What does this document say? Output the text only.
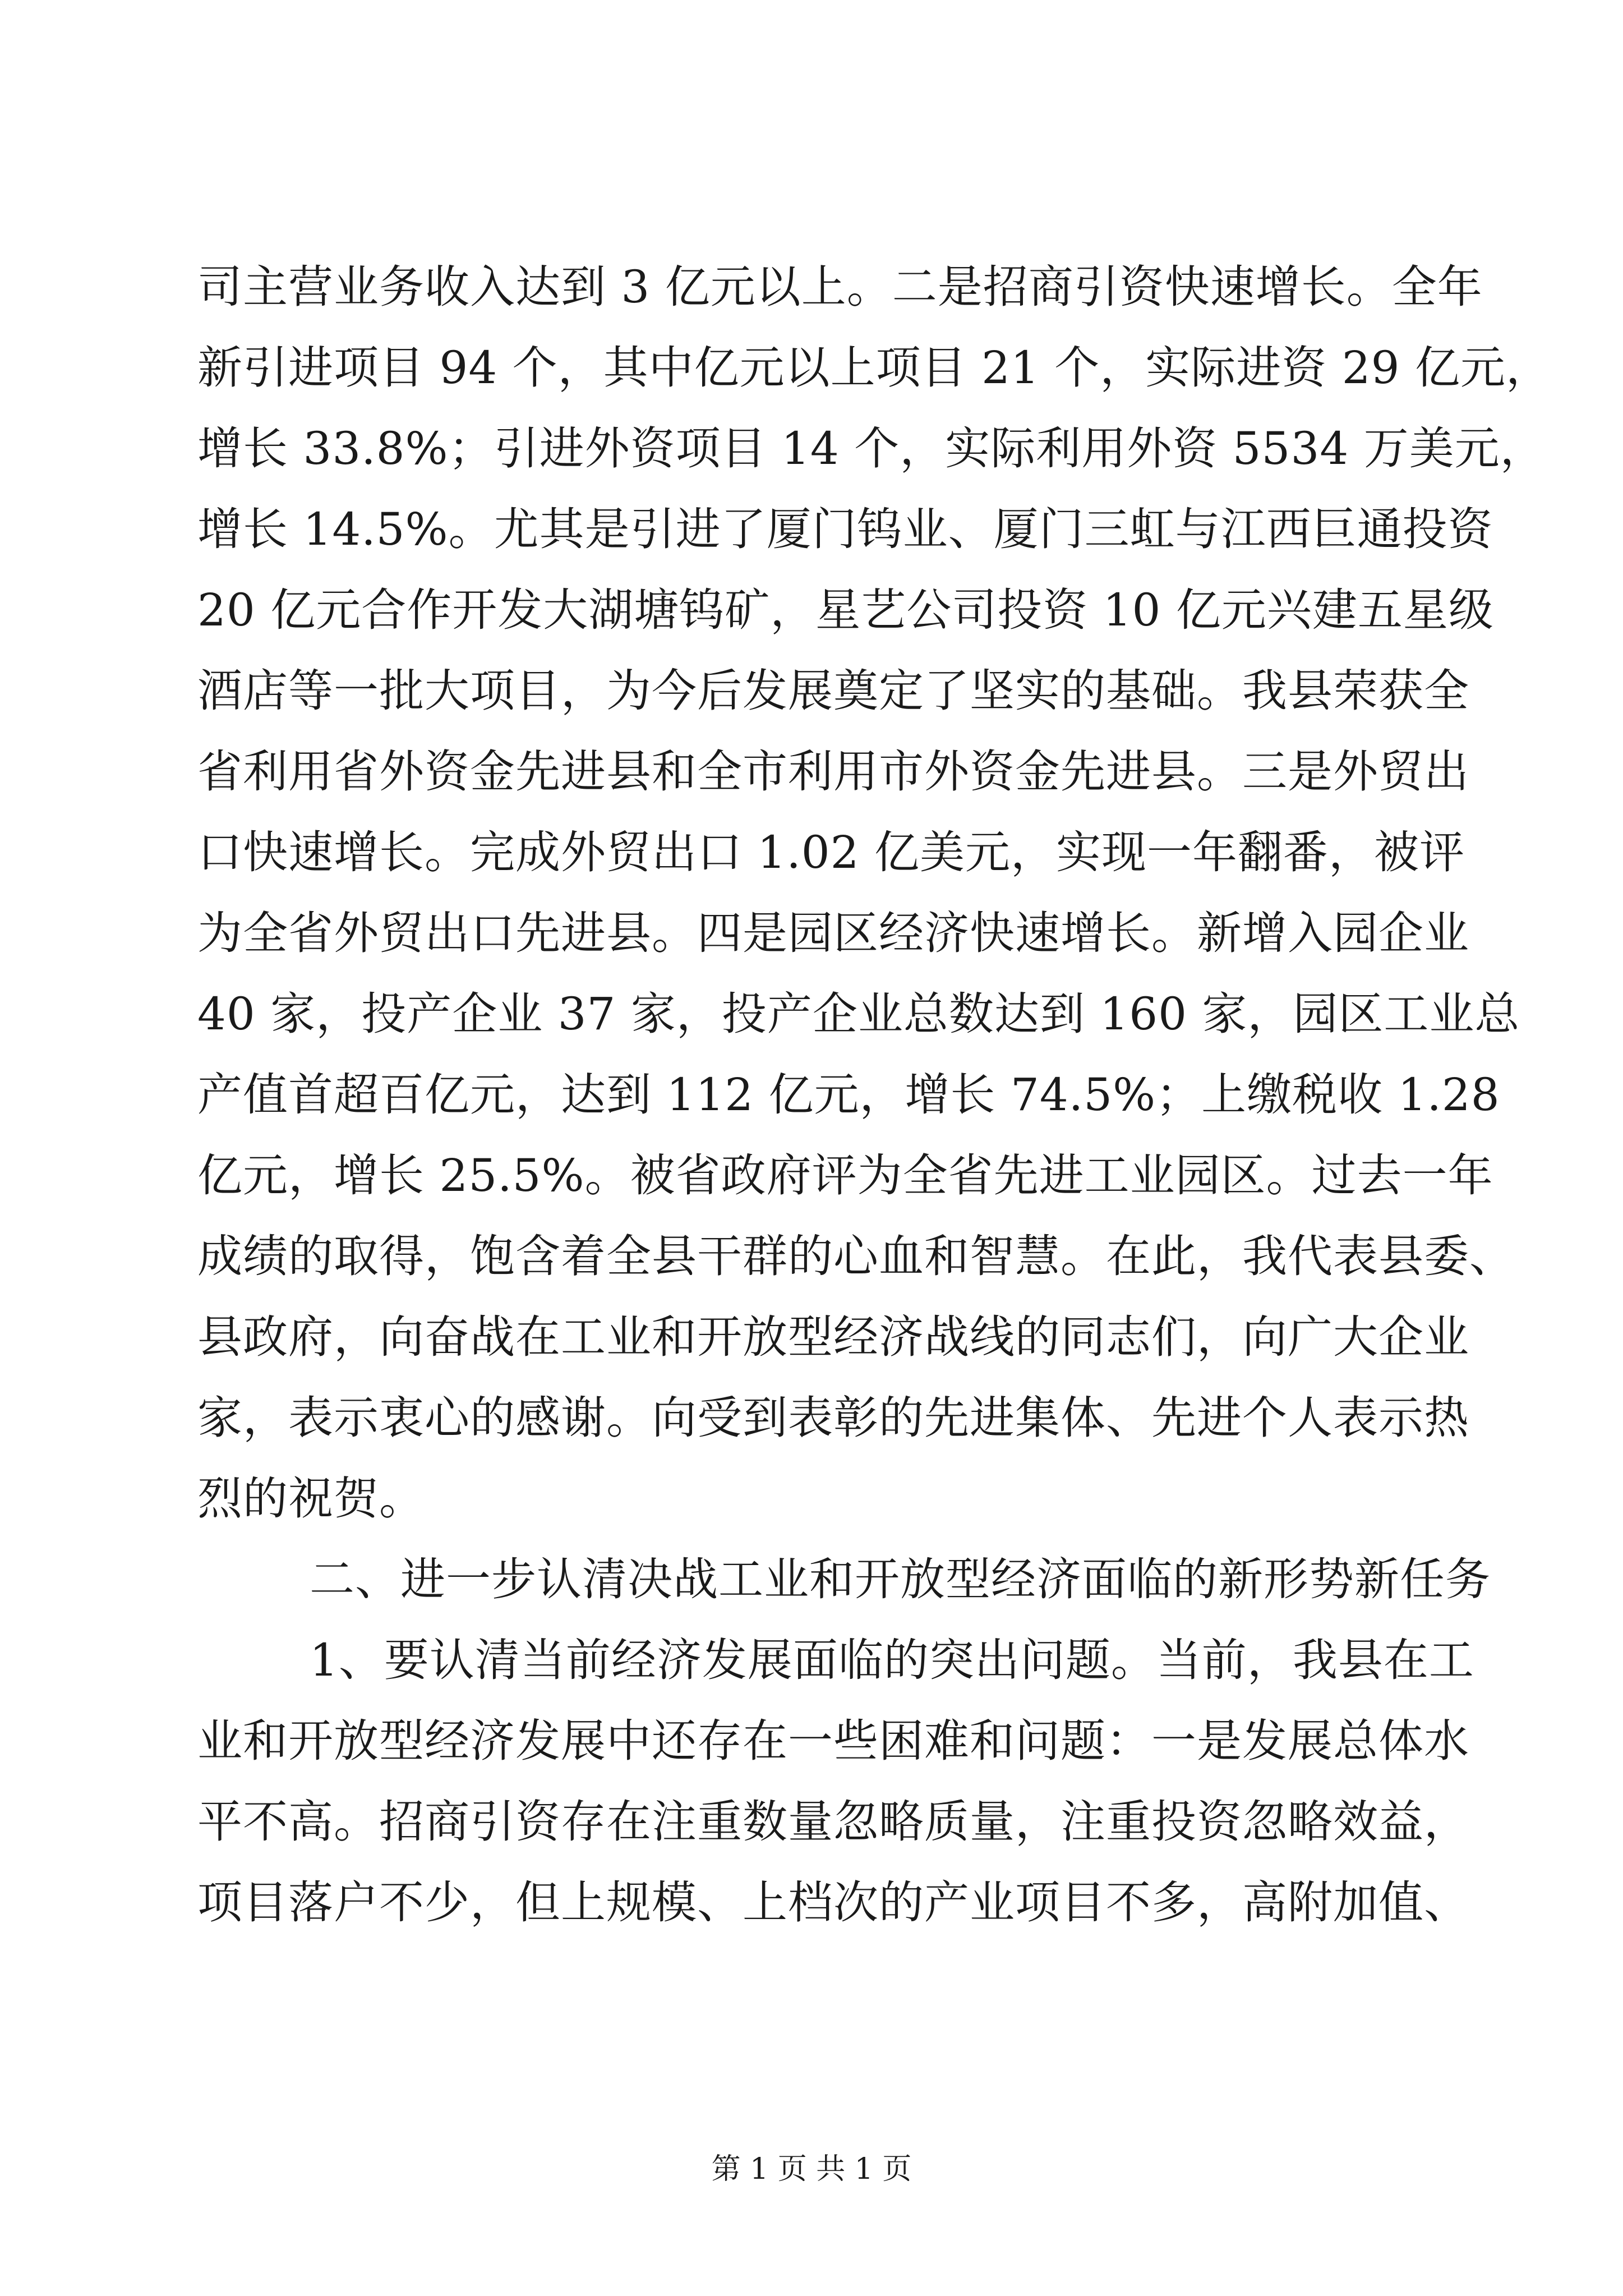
司主营业务收入达到 3 亿元以上。二是招商引资快速增长。全年
新引进项目 94 个，其中亿元以上项目 21 个，实际进资 29 亿元，
增长 33.8%；引进外资项目 14 个，实际利用外资 5534 万美元，
增长 14.5%。尤其是引进了厦门钨业、厦门三虹与江西巨通投资
20 亿元合作开发大湖塘钨矿，星艺公司投资 10 亿元兴建五星级
酒店等一批大项目，为今后发展奠定了坚实的基础。我县荣获全
省利用省外资金先进县和全市利用市外资金先进县。三是外贸出
口快速增长。完成外贸出口 1.02 亿美元，实现一年翻番，被评
为全省外贸出口先进县。四是园区经济快速增长。新增入园企业
40 家，投产企业 37 家，投产企业总数达到 160 家，园区工业总
产值首超百亿元，达到 112 亿元，增长 74.5%；上缴税收 1.28
亿元，增长 25.5%。被省政府评为全省先进工业园区。过去一年
成绩的取得，饱含着全县干群的心血和智慧。在此，我代表县委、
县政府，向奋战在工业和开放型经济战线的同志们，向广大企业
家，表示衷心的感谢。向受到表彰的先进集体、先进个人表示热
烈的祝贺。
二、进一步认清决战工业和开放型经济面临的新形势新任务
1、要认清当前经济发展面临的突出问题。当前，我县在工
业和开放型经济发展中还存在一些困难和问题：一是发展总体水
平不高。招商引资存在注重数量忽略质量，注重投资忽略效益，
项目落户不少，但上规模、上档次的产业项目不多，高附加值、
第 1 页 共 1 页
